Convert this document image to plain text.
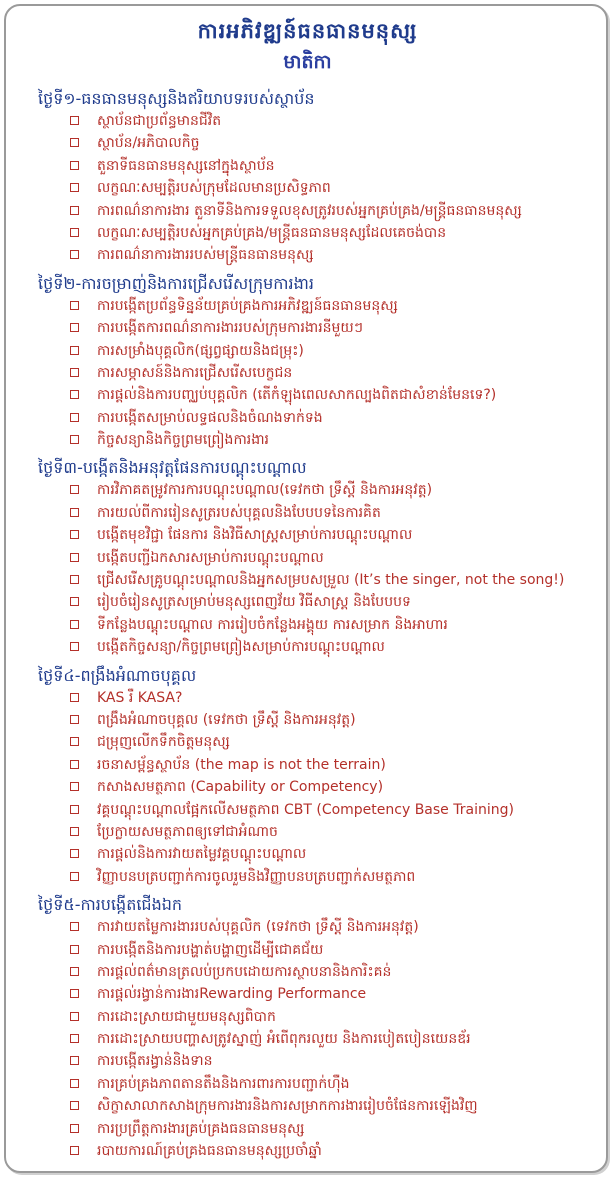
ការអភិវឌ្ឍន៍ធនធានមនុស្ស
មាតិកា
ថ្ងៃទី១-ធនធានមនុស្សនិងឥរិយាបទរបស់ស្ថាប័ន
ស្ថាប័នជាប្រព័ន្ធមានជីវិត
ស្ថាប័ន/អភិបាលកិច្ច
តួនាទីធនធានមនុស្សនៅក្នុងស្ថាប័ន
លក្ខណៈសម្បត្តិរបស់ក្រុមដែលមានប្រសិទ្ធភាព
ការពណ៌នាការងារ តួនាទីនិងការទទួលខុសត្រូវរបស់អ្នកគ្រប់គ្រង/មន្ត្រីធនធានមនុស្ស
លក្ខណៈសម្បត្តិរបស់អ្នកគ្រប់គ្រង/មន្ត្រីធនធានមនុស្សដែលគេចង់បាន
ការពណ៌នាការងាររបស់មន្ត្រីធនធានមនុស្ស
ថ្ងៃទី២-ការចម្រាញ់និងការជ្រើសរើសក្រុមការងារ
ការបង្កើតប្រព័ន្ធទិន្នន័យគ្រប់គ្រងការអភិវឌ្ឍន៍ធនធានមនុស្ស
ការបង្កើតការពណ៌នាការងាររបស់ក្រុមការងារនីមួយៗ
ការសម្រាំងបុគ្គលិក(ផ្សព្វផ្សាយនិងជម្រុះ)
ការសម្ភាសន៍និងការជ្រើសរើសបេក្ខជន
ការផ្តល់និងការបញ្ឈប់បុគ្គលិក (តើកំឡុងពេលសាកល្បងពិតជាសំខាន់មែនទេ?)
ការបង្កើតសម្រាប់លទ្ធផលនិងចំណងទាក់ទង
កិច្ចសន្យានិងកិច្ចព្រមព្រៀងការងារ
ថ្ងៃទី៣-បង្កើតនិងអនុវត្តផែនការបណ្តុះបណ្តាល
ការវិភាគតម្រូវការការបណ្តុះបណ្តាល(ទេវកថា ទ្រឹស្តី និងការអនុវត្ត)
ការយល់ពីការរៀនសូត្ររបស់បុគ្គលនិងបែបបទនៃការគិត
បង្កើតមុខវិជ្ជា ផែនការ និងវិធីសាស្ត្រសម្រាប់ការបណ្តុះបណ្តាល
បង្កើតបញ្ជីឯកសារសម្រាប់ការបណ្តុះបណ្តាល
ជ្រើសរើសគ្រូបណ្តុះបណ្តាលនិងអ្នកសម្របសម្រួល (It’s the singer, not the song!)
រៀបចំរៀនសូត្រសម្រាប់មនុស្សពេញវ័យ វិធីសាស្ត្រ និងបែបបទ
ទីកន្លែងបណ្តុះបណ្តាល ការរៀបចំកន្លែងអង្គុយ ការសម្រាក និងអាហារ
បង្កើតកិច្ចសន្យា/កិច្ចព្រមព្រៀងសម្រាប់ការបណ្តុះបណ្តាល
ថ្ងៃទី៤-ពង្រឹងអំណាចបុគ្គល
KAS រឺ KASA?
ពង្រឹងអំណាចបុគ្គល (ទេវកថា ទ្រឹស្តី និងការអនុវត្ត)
ជម្រុញលើកទឹកចិត្តមនុស្ស
រចនាសម្ព័ន្ធស្ថាប័ន (the map is not the terrain)
កសាងសមត្ថភាព (Capability or Competency)
វគ្គបណ្តុះបណ្តាលផ្អែកលើសមត្ថភាព CBT (Competency Base Training)
ប្រែក្លាយសមត្ថភាពឲ្យទៅជាអំណាច
ការផ្តល់និងការវាយតម្លៃវគ្គបណ្តុះបណ្តាល
វិញ្ញាបនបត្របញ្ជាក់ការចូលរួមនិងវិញ្ញាបនបត្របញ្ជាក់សមត្ថភាព
ថ្ងៃទី៥-ការបង្កើតជើងឯក
ការវាយតម្លៃការងាររបស់បុគ្គលិក (ទេវកថា ទ្រឹស្តី និងការអនុវត្ត)
ការបង្កើតនិងការបង្ហាត់បង្ហាញដើម្បីជោគជ័យ
ការផ្តល់ពត៌មានត្រលប់ប្រកបដោយការស្ថាបនានិងការិះគន់
ការផ្តល់រង្វាន់ការងារRewarding Performance
ការដោះស្រាយជាមួយមនុស្សពិបាក
ការដោះស្រាយបញ្ហាសត្រូវស្នាញ់ អំពើពុករលួយ និងការបៀតបៀនយេនឌ័រ
ការបង្កើតរង្វាន់និងទាន
ការគ្រប់គ្រងភាពតានតឹងនិងការពារការបញ្ជាក់ហ៊ឺង
សិក្ខាសាលាកសាងក្រុមការងារនិងការសម្រាកការងាររៀបចំផែនការឡើងវិញ
ការប្រព្រឹត្តការងារគ្រប់គ្រងធនធានមនុស្ស
របាយការណ៍គ្រប់គ្រងធនធានមនុស្សប្រចាំឆ្នាំ
